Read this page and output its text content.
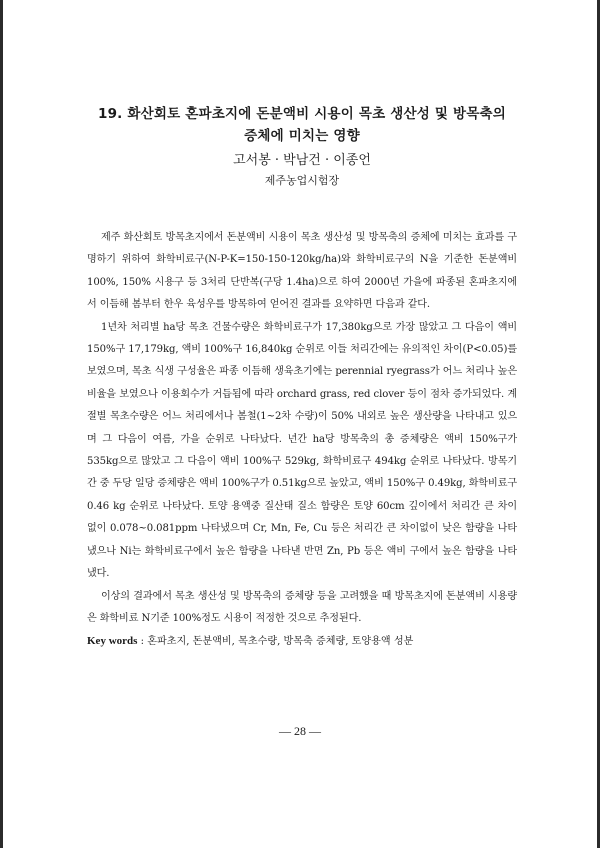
19. 화산회토 혼파초지에 돈분액비 시용이 목초 생산성 및 방목축의
증체에 미치는 영향
고서봉 · 박남건 · 이종언
제주농업시험장

제주 화산회토 방목초지에서 돈분액비 시용이 목초 생산성 및 방목축의 증체에 미치는 효과를 구명하기 위하여 화학비료구(N-P-K=150-150-120kg/ha)와 화학비료구의 N을 기준한 돈분액비 100%, 150% 시용구 등 3처리 단반복(구당 1.4ha)으로 하여 2000년 가을에 파종된 혼파초지에서 이듬해 봄부터 한우 육성우를 방목하여 얻어진 결과를 요약하면 다음과 같다.

1년차 처리별 ha당 목초 건물수량은 화학비료구가 17,380kg으로 가장 많았고 그 다음이 액비 150%구 17,179kg, 액비 100%구 16,840kg 순위로 이들 처리간에는 유의적인 차이(P<0.05)를 보였으며, 목초 식생 구성율은 파종 이듬해 생육초기에는 perennial ryegrass가 어느 처리나 높은 비율을 보였으나 이용회수가 거듭됨에 따라 orchard grass, red clover 등이 점차 증가되었다. 계절별 목초수량은 어느 처리에서나 봄철(1~2차 수량)이 50% 내외로 높은 생산량을 나타내고 있으며 그 다음이 여름, 가을 순위로 나타났다. 년간 ha당 방목축의 총 증체량은 액비 150%구가 535kg으로 많았고 그 다음이 액비 100%구 529kg, 화학비료구 494kg 순위로 나타났다. 방목기간 중 두당 일당 증체량은 액비 100%구가 0.51kg으로 높았고, 액비 150%구 0.49kg, 화학비료구 0.46 kg 순위로 나타났다. 토양 용액중 질산태 질소 함량은 토양 60cm 깊이에서 처리간 큰 차이 없이 0.078~0.081ppm 나타냈으며 Cr, Mn, Fe, Cu 등은 처리간 큰 차이없이 낮은 함량을 나타냈으나 Ni는 화학비료구에서 높은 함량을 나타낸 반면 Zn, Pb 등은 액비 구에서 높은 함량을 나타냈다.

이상의 결과에서 목초 생산성 및 방목축의 증체량 등을 고려했을 때 방목초지에 돈분액비 시용량은 화학비료 N기준 100%정도 시용이 적정한 것으로 추정된다.

Key words : 혼파초지, 돈분액비, 목초수량, 방목축 증체량, 토양용액 성분

— 28 —
